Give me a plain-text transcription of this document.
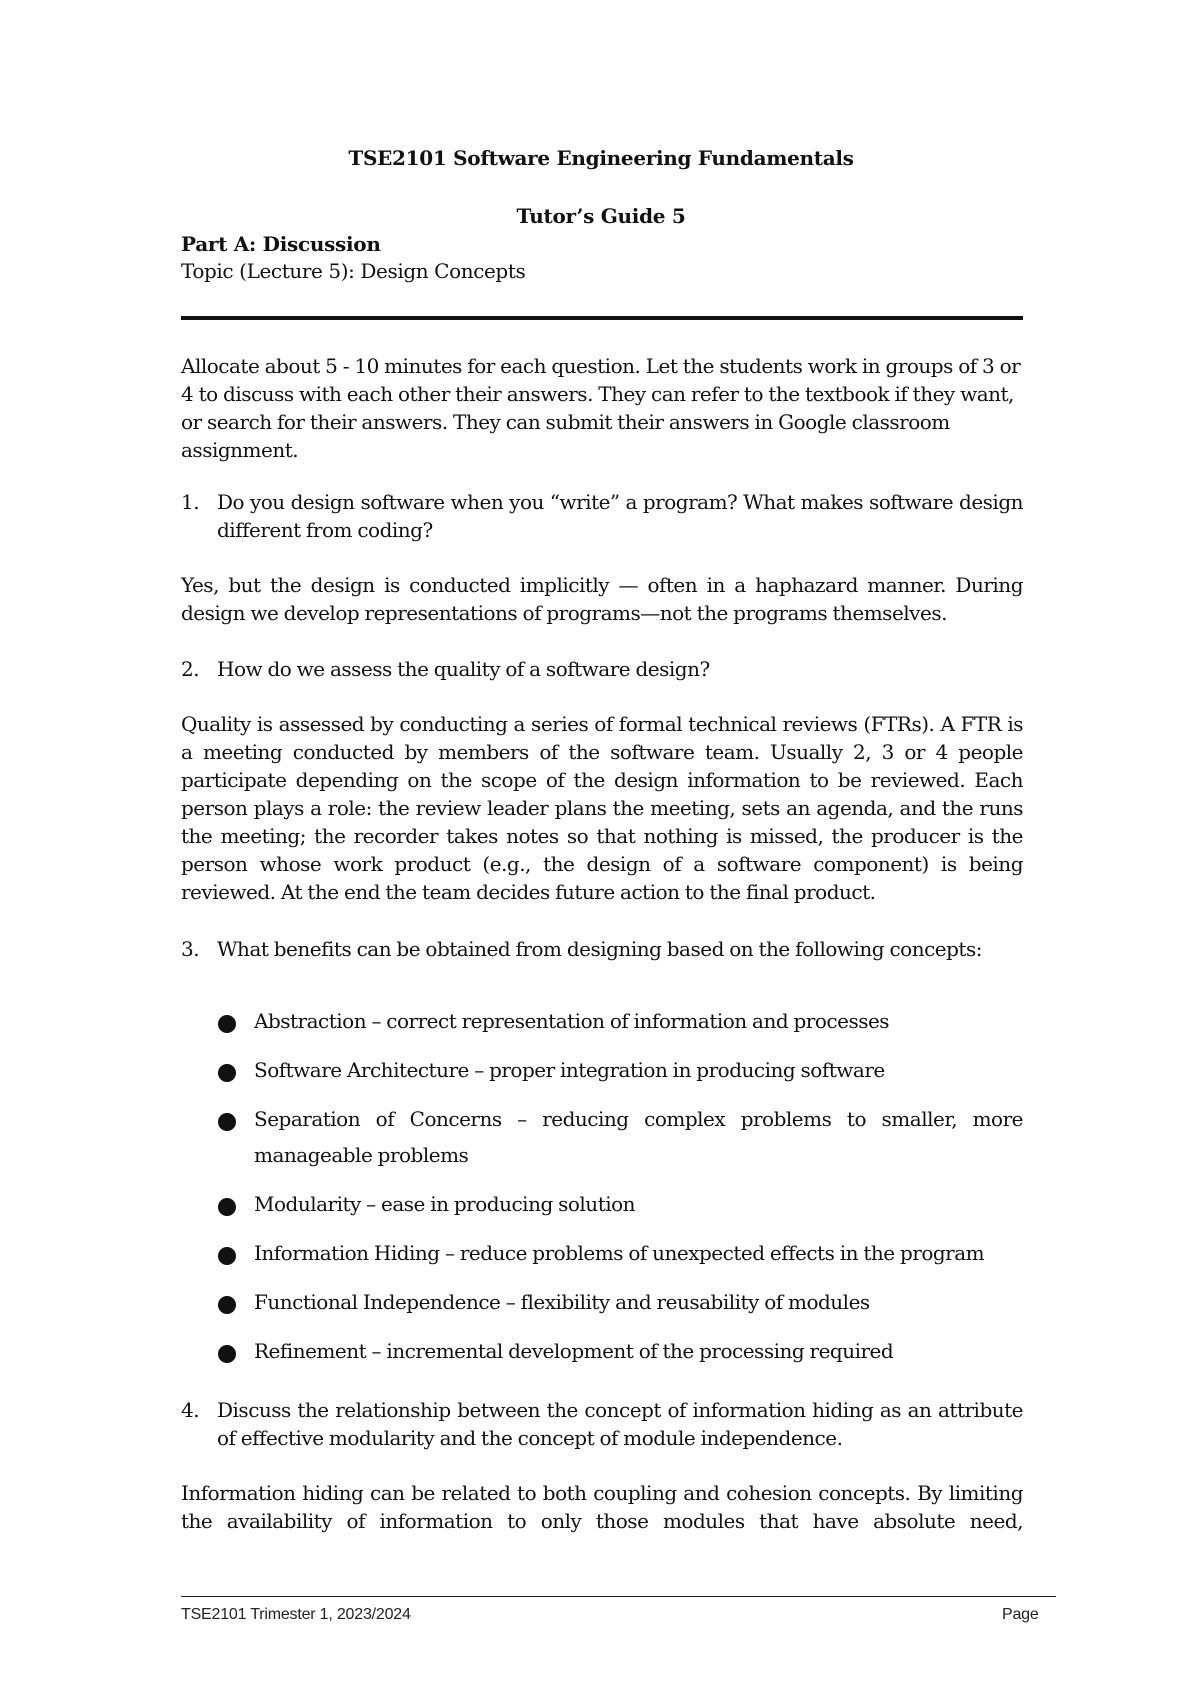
TSE2101 Software Engineering Fundamentals
Tutor’s Guide 5
Part A: Discussion
Topic (Lecture 5): Design Concepts

Allocate about 5 - 10 minutes for each question. Let the students work in groups of 3 or 4 to discuss with each other their answers. They can refer to the textbook if they want, or search for their answers. They can submit their answers in Google classroom assignment.

1. Do you design software when you “write” a program? What makes software design different from coding?

Yes, but the design is conducted implicitly — often in a haphazard manner. During design we develop representations of programs—not the programs themselves.

2. How do we assess the quality of a software design?

Quality is assessed by conducting a series of formal technical reviews (FTRs). A FTR is a meeting conducted by members of the software team. Usually 2, 3 or 4 people participate depending on the scope of the design information to be reviewed. Each person plays a role: the review leader plans the meeting, sets an agenda, and the runs the meeting; the recorder takes notes so that nothing is missed, the producer is the person whose work product (e.g., the design of a software component) is being reviewed. At the end the team decides future action to the final product.

3. What benefits can be obtained from designing based on the following concepts:
Abstraction – correct representation of information and processes
Software Architecture – proper integration in producing software
Separation of Concerns – reducing complex problems to smaller, more manageable problems
Modularity – ease in producing solution
Information Hiding – reduce problems of unexpected effects in the program
Functional Independence – flexibility and reusability of modules
Refinement – incremental development of the processing required
4. Discuss the relationship between the concept of information hiding as an attribute of effective modularity and the concept of module independence.

Information hiding can be related to both coupling and cohesion concepts. By limiting the availability of information to only those modules that have absolute need,

TSE2101 Trimester 1, 2023/2024	Page
